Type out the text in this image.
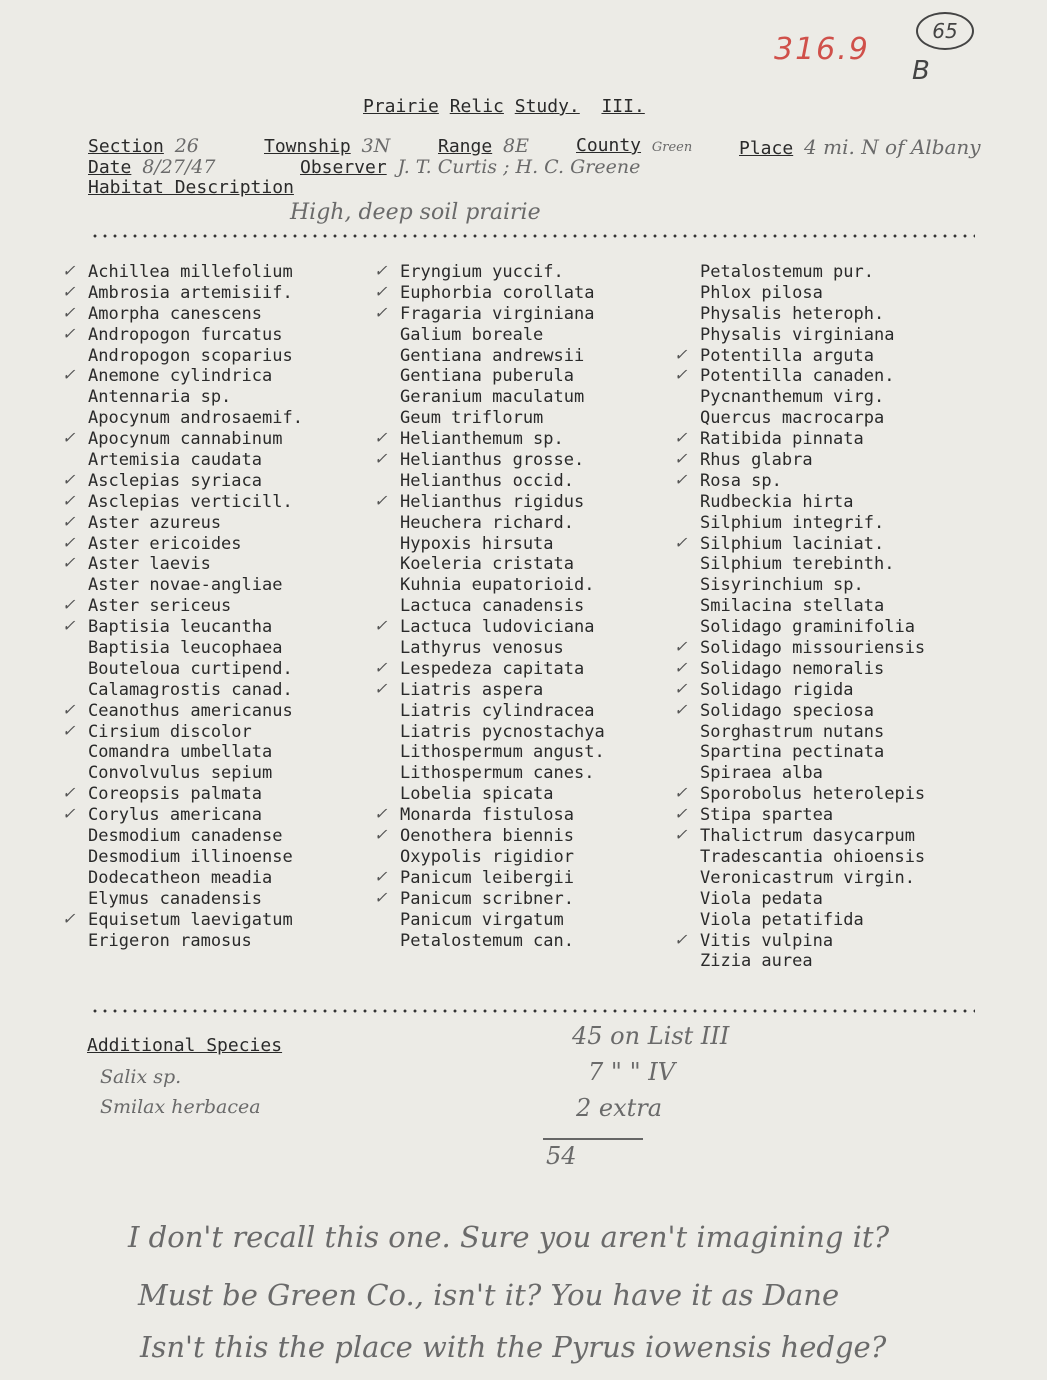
316.9
65
B
Prairie Relic Study. III.
Section 26	Township 3N	Range 8E	County Green	Place 4 mi. N of Albany
Date 8/27/47	Observer J. T. Curtis ; H. C. Greene
Habitat Description
High, deep soil prairie
✓ Achillea millefolium
✓ Ambrosia artemisiif.
✓ Amorpha canescens
✓ Andropogon furcatus
Andropogon scoparius
✓ Anemone cylindrica
Antennaria sp.
Apocynum androsaemif.
✓ Apocynum cannabinum
Artemisia caudata
✓ Asclepias syriaca
✓ Asclepias verticill.
✓ Aster azureus
✓ Aster ericoides
✓ Aster laevis
Aster novae-angliae
✓ Aster sericeus
✓ Baptisia leucantha
Baptisia leucophaea
Bouteloua curtipend.
Calamagrostis canad.
✓ Ceanothus americanus
✓ Cirsium discolor
Comandra umbellata
Convolvulus sepium
✓ Coreopsis palmata
✓ Corylus americana
Desmodium canadense
Desmodium illinoense
Dodecatheon meadia
Elymus canadensis
✓ Equisetum laevigatum
Erigeron ramosus
✓ Eryngium yuccif.
✓ Euphorbia corollata
✓ Fragaria virginiana
Galium boreale
Gentiana andrewsii
Gentiana puberula
Geranium maculatum
Geum triflorum
✓ Helianthemum sp.
✓ Helianthus grosse.
Helianthus occid.
✓ Helianthus rigidus
Heuchera richard.
Hypoxis hirsuta
Koeleria cristata
Kuhnia eupatorioid.
Lactuca canadensis
✓ Lactuca ludoviciana
Lathyrus venosus
✓ Lespedeza capitata
✓ Liatris aspera
Liatris cylindracea
Liatris pycnostachya
Lithospermum angust.
Lithospermum canes.
Lobelia spicata
✓ Monarda fistulosa
✓ Oenothera biennis
Oxypolis rigidior
✓ Panicum leibergii
✓ Panicum scribner.
Panicum virgatum
Petalostemum can.
Petalostemum pur.
Phlox pilosa
Physalis heteroph.
Physalis virginiana
✓ Potentilla arguta
✓ Potentilla canaden.
Pycnanthemum virg.
Quercus macrocarpa
✓ Ratibida pinnata
✓ Rhus glabra
✓ Rosa sp.
Rudbeckia hirta
Silphium integrif.
✓ Silphium laciniat.
Silphium terebinth.
Sisyrinchium sp.
Smilacina stellata
Solidago graminifolia
✓ Solidago missouriensis
✓ Solidago nemoralis
✓ Solidago rigida
✓ Solidago speciosa
Sorghastrum nutans
Spartina pectinata
Spiraea alba
✓ Sporobolus heterolepis
✓ Stipa spartea
✓ Thalictrum dasycarpum
Tradescantia ohioensis
Veronicastrum virgin.
Viola pedata
Viola petatifida
✓ Vitis vulpina
Zizia aurea
Additional Species
Salix sp.
Smilax herbacea
45 on List III
7 " " IV
2 extra
54
I don't recall this one. Sure you aren't imagining it?
Must be Green Co., isn't it? You have it as Dane
Isn't this the place with the Pyrus iowensis hedge?
